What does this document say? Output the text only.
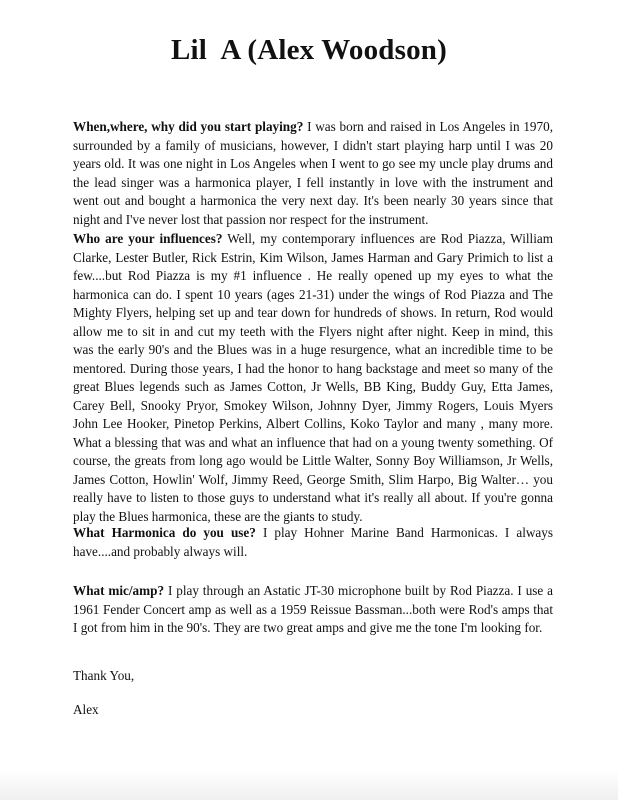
Lil  A (Alex Woodson)
When,where, why did you start playing? I was born and raised in Los Angeles in 1970, surrounded by a family of musicians, however, I didn't start playing harp until I was 20 years old. It was one night in Los Angeles when I went to go see my uncle play drums and the lead singer was a harmonica player, I fell instantly in love with the instrument and went out and bought a harmonica the very next day. It's been nearly 30 years since that night and I've never lost that passion nor respect for the instrument.
Who are your influences? Well, my contemporary influences are Rod Piazza, William Clarke, Lester Butler, Rick Estrin, Kim Wilson, James Harman and Gary Primich to list a few....but Rod Piazza is my #1 influence . He really opened up my eyes to what the harmonica can do. I spent 10 years (ages 21-31) under the wings of Rod Piazza and The Mighty Flyers, helping set up and tear down for hundreds of shows. In return, Rod would allow me to sit in and cut my teeth with the Flyers night after night. Keep in mind, this was the early 90's and the Blues was in a huge resurgence, what an incredible time to be mentored. During those years, I had the honor to hang backstage and meet so many of the great Blues legends such as James Cotton, Jr Wells, BB King, Buddy Guy, Etta James, Carey Bell, Snooky Pryor, Smokey Wilson, Johnny Dyer, Jimmy Rogers, Louis Myers John Lee Hooker, Pinetop Perkins, Albert Collins, Koko Taylor and many , many more. What a blessing that was and what an influence that had on a young twenty something. Of course, the greats from long ago would be Little Walter, Sonny Boy Williamson, Jr Wells, James Cotton, Howlin' Wolf, Jimmy Reed, George Smith, Slim Harpo, Big Walter… you really have to listen to those guys to understand what it's really all about. If you're gonna play the Blues harmonica, these are the giants to study.
What Harmonica do you use? I play Hohner Marine Band Harmonicas. I always have....and probably always will.
What mic/amp? I play through an Astatic JT-30 microphone built by Rod Piazza. I use a 1961 Fender Concert amp as well as a 1959 Reissue Bassman...both were Rod's amps that I got from him in the 90's. They are two great amps and give me the tone I'm looking for.
Thank You,
Alex
